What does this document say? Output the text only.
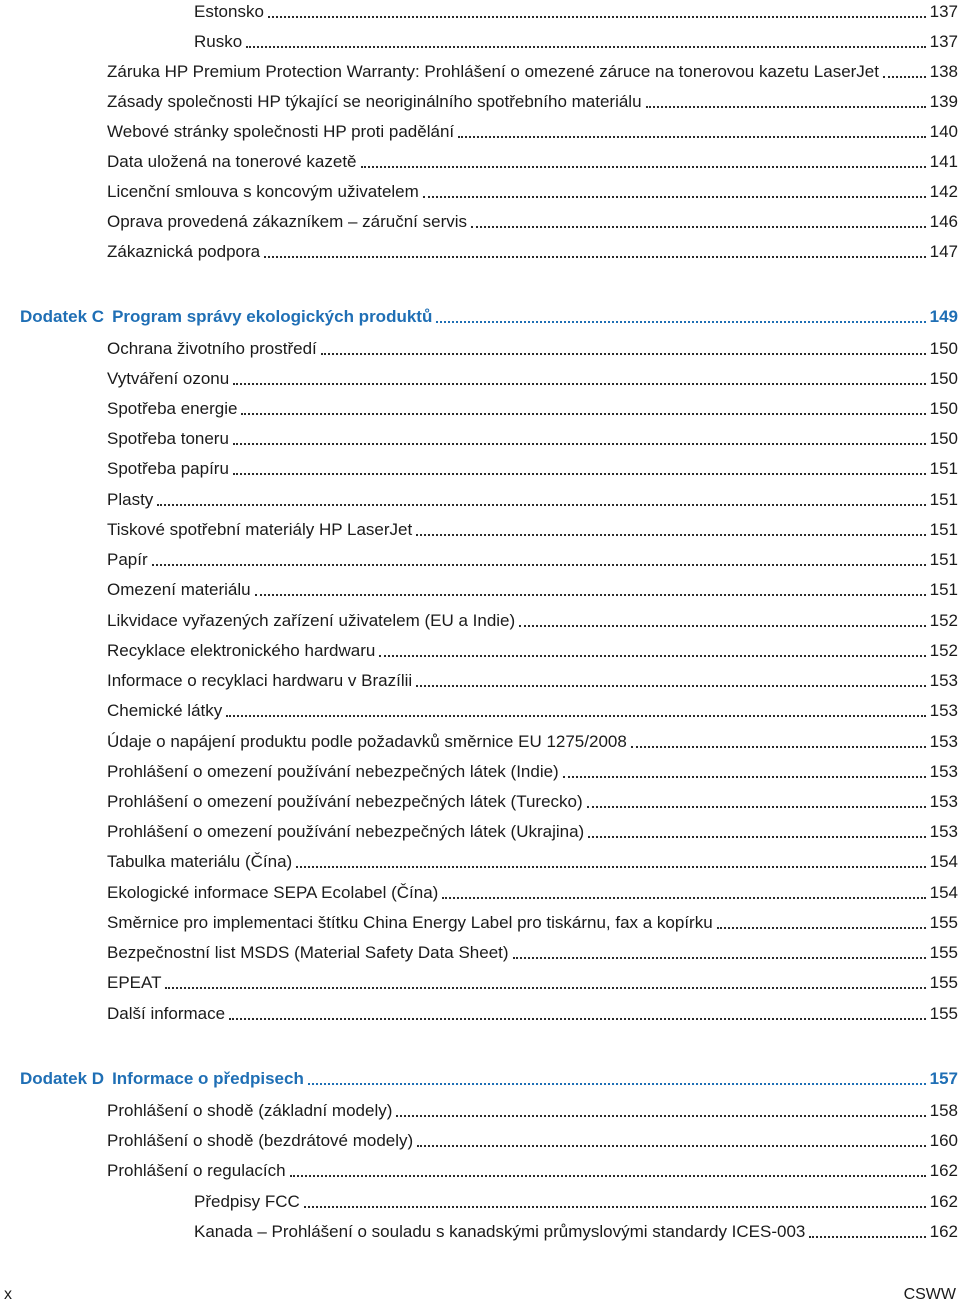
Estonsko	137
Rusko	137
Záruka HP Premium Protection Warranty: Prohlášení o omezené záruce na tonerovou kazetu LaserJet	138
Zásady společnosti HP týkající se neoriginálního spotřebního materiálu	139
Webové stránky společnosti HP proti padělání	140
Data uložená na tonerové kazetě	141
Licenční smlouva s koncovým uživatelem	142
Oprava provedená zákazníkem – záruční servis	146
Zákaznická podpora	147
Dodatek C Program správy ekologických produktů	149
Ochrana životního prostředí	150
Vytváření ozonu	150
Spotřeba energie	150
Spotřeba toneru	150
Spotřeba papíru	151
Plasty	151
Tiskové spotřební materiály HP LaserJet	151
Papír	151
Omezení materiálu	151
Likvidace vyřazených zařízení uživatelem (EU a Indie)	152
Recyklace elektronického hardwaru	152
Informace o recyklaci hardwaru v Brazílii	153
Chemické látky	153
Údaje o napájení produktu podle požadavků směrnice EU 1275/2008	153
Prohlášení o omezení používání nebezpečných látek (Indie)	153
Prohlášení o omezení používání nebezpečných látek (Turecko)	153
Prohlášení o omezení používání nebezpečných látek (Ukrajina)	153
Tabulka materiálu (Čína)	154
Ekologické informace SEPA Ecolabel (Čína)	154
Směrnice pro implementaci štítku China Energy Label pro tiskárnu, fax a kopírku	155
Bezpečnostní list MSDS (Material Safety Data Sheet)	155
EPEAT	155
Další informace	155
Dodatek D Informace o předpisech	157
Prohlášení o shodě (základní modely)	158
Prohlášení o shodě (bezdrátové modely)	160
Prohlášení o regulacích	162
Předpisy FCC	162
Kanada – Prohlášení o souladu s kanadskými průmyslovými standardy ICES-003	162
x	CSWW
